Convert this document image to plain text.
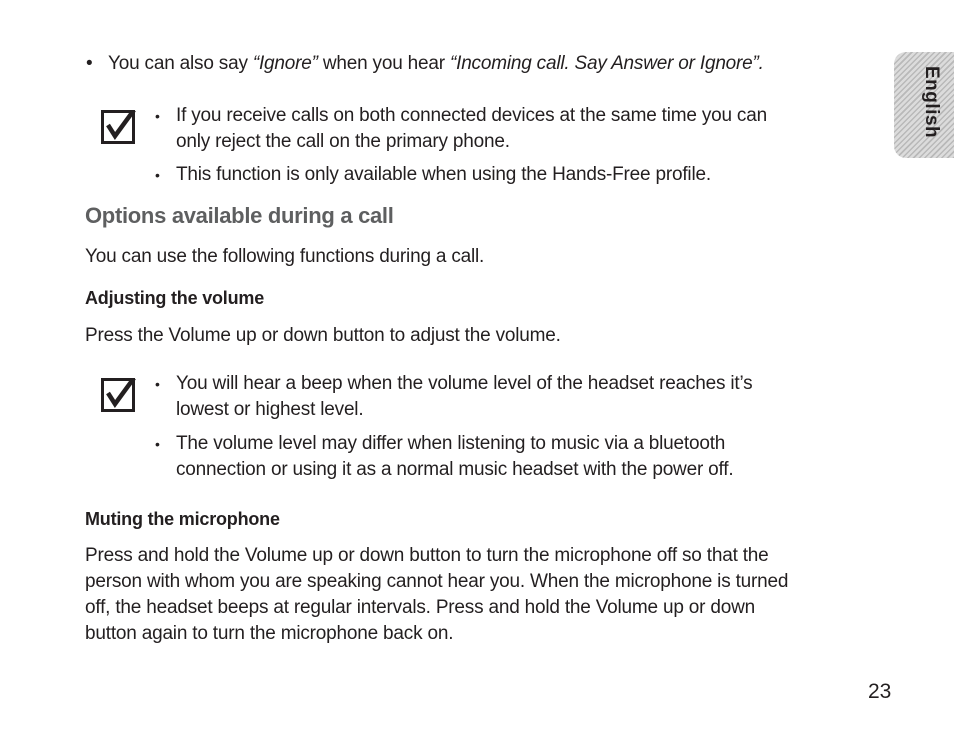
English
• You can also say “Ignore” when you hear “Incoming call. Say Answer or Ignore”.
• If you receive calls on both connected devices at the same time you can
only reject the call on the primary phone.
• This function is only available when using the Hands-Free profile.
Options available during a call
You can use the following functions during a call.
Adjusting the volume
Press the Volume up or down button to adjust the volume.
• You will hear a beep when the volume level of the headset reaches it’s
lowest or highest level.
• The volume level may differ when listening to music via a bluetooth
connection or using it as a normal music headset with the power off.
Muting the microphone
Press and hold the Volume up or down button to turn the microphone off so that the
person with whom you are speaking cannot hear you. When the microphone is turned
off, the headset beeps at regular intervals. Press and hold the Volume up or down
button again to turn the microphone back on.
23
